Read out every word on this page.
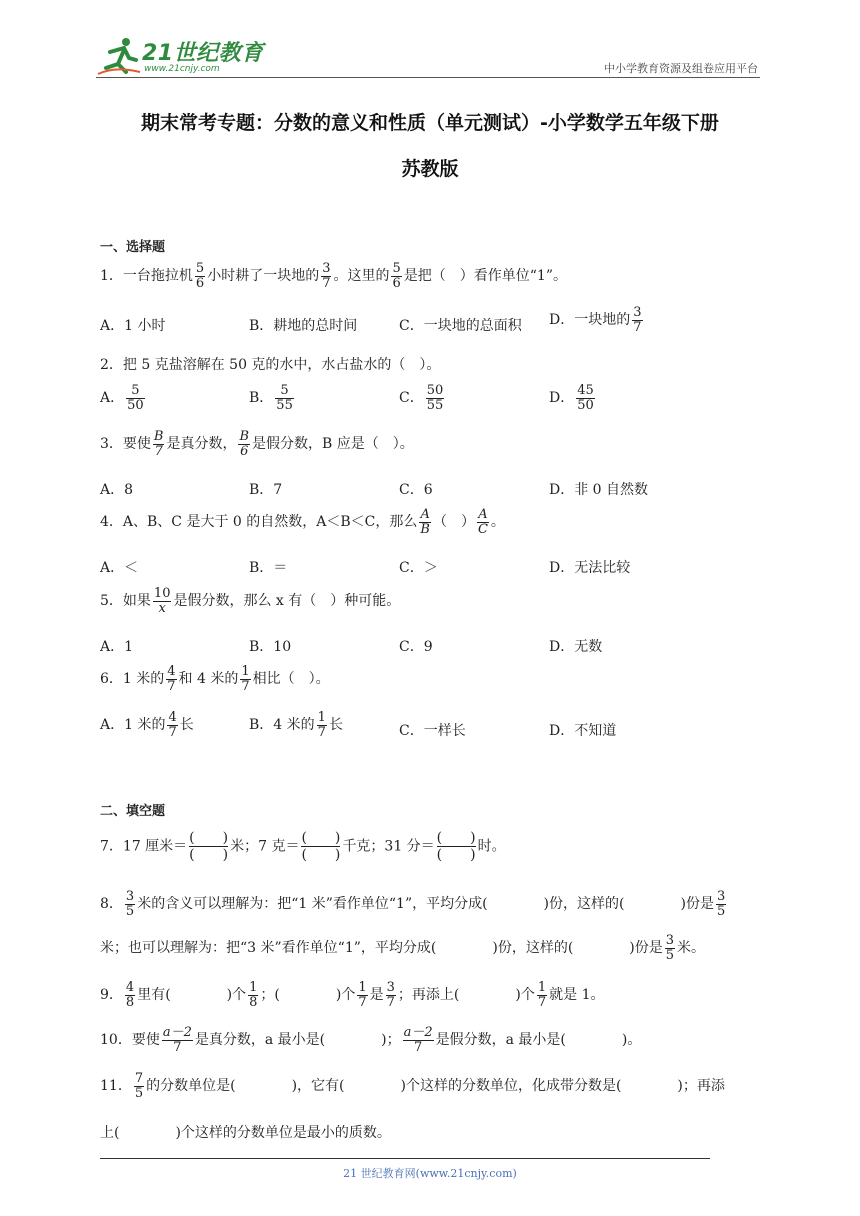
21世纪教育
www.21cnjy.com	中小学教育资源及组卷应用平台
期末常考专题：分数的意义和性质（单元测试）-小学数学五年级下册
苏教版
一、选择题
1．一台拖拉机 $\frac{5}{6}$ 小时耕了一块地的 $\frac{3}{7}$ 。这里的 $\frac{5}{6}$ 是把（　）看作单位“1”。
A．1 小时	B．耕地的总时间	C．一块地的总面积 D．一块地的 $\frac{3}{7}$
2．把 5 克盐溶解在 50 克的水中，水占盐水的（　）。
A． $\frac{5}{50}$	B． $\frac{5}{55}$	C． $\frac{50}{55}$	D． $\frac{45}{50}$
3．要使 $\frac{B}{7}$ 是真分数， $\frac{B}{6}$ 是假分数，B 应是（　）。
A．8	B．7	C．6	D．非 0 自然数
4．A、B、C 是大于 0 的自然数，A＜B＜C，那么 $\frac{A}{B}$ （　） $\frac{A}{C}$ 。
A．＜	B．＝	C．＞	D．无法比较
5．如果 $\frac{10}{x}$ 是假分数，那么 x 有（　）种可能。
A．1	B．10	C．9	D．无数
6．1 米的 $\frac{4}{7}$ 和 4 米的 $\frac{1}{7}$ 相比（　）。
A．1 米的 $\frac{4}{7}$ 长	B．4 米的 $\frac{1}{7}$ 长	C．一样长	D．不知道
二、填空题
7．17 厘米＝ $\frac{( )}{( )}$ 米；7 克＝ $\frac{( )}{( )}$ 千克；31 分＝ $\frac{( )}{( )}$ 时。
8． $\frac{3}{5}$ 米的含义可以理解为：把“1 米”看作单位“1”，平均分成(　　　　)份，这样的(　　　　)份是 $\frac{3}{5}$
米；也可以理解为：把“3 米”看作单位“1”，平均分成(　　　　)份，这样的(　　　　)份是 $\frac{3}{5}$ 米。
9． $\frac{4}{8}$ 里有(　　　　)个 $\frac{1}{8}$ ；(　　　　)个 $\frac{1}{7}$ 是 $\frac{3}{7}$ ；再添上(　　　　)个 $\frac{1}{7}$ 就是 1。
10．要使 $\frac{a-2}{7}$ 是真分数，a 最小是(　　　　)； $\frac{a-2}{7}$ 是假分数，a 最小是(　　　　)。
11． $\frac{7}{5}$ 的分数单位是(　　　　)，它有(　　　　)个这样的分数单位，化成带分数是(　　　　)；再添
上(　　　　)个这样的分数单位是最小的质数。
21 世纪教育网(www.21cnjy.com)
